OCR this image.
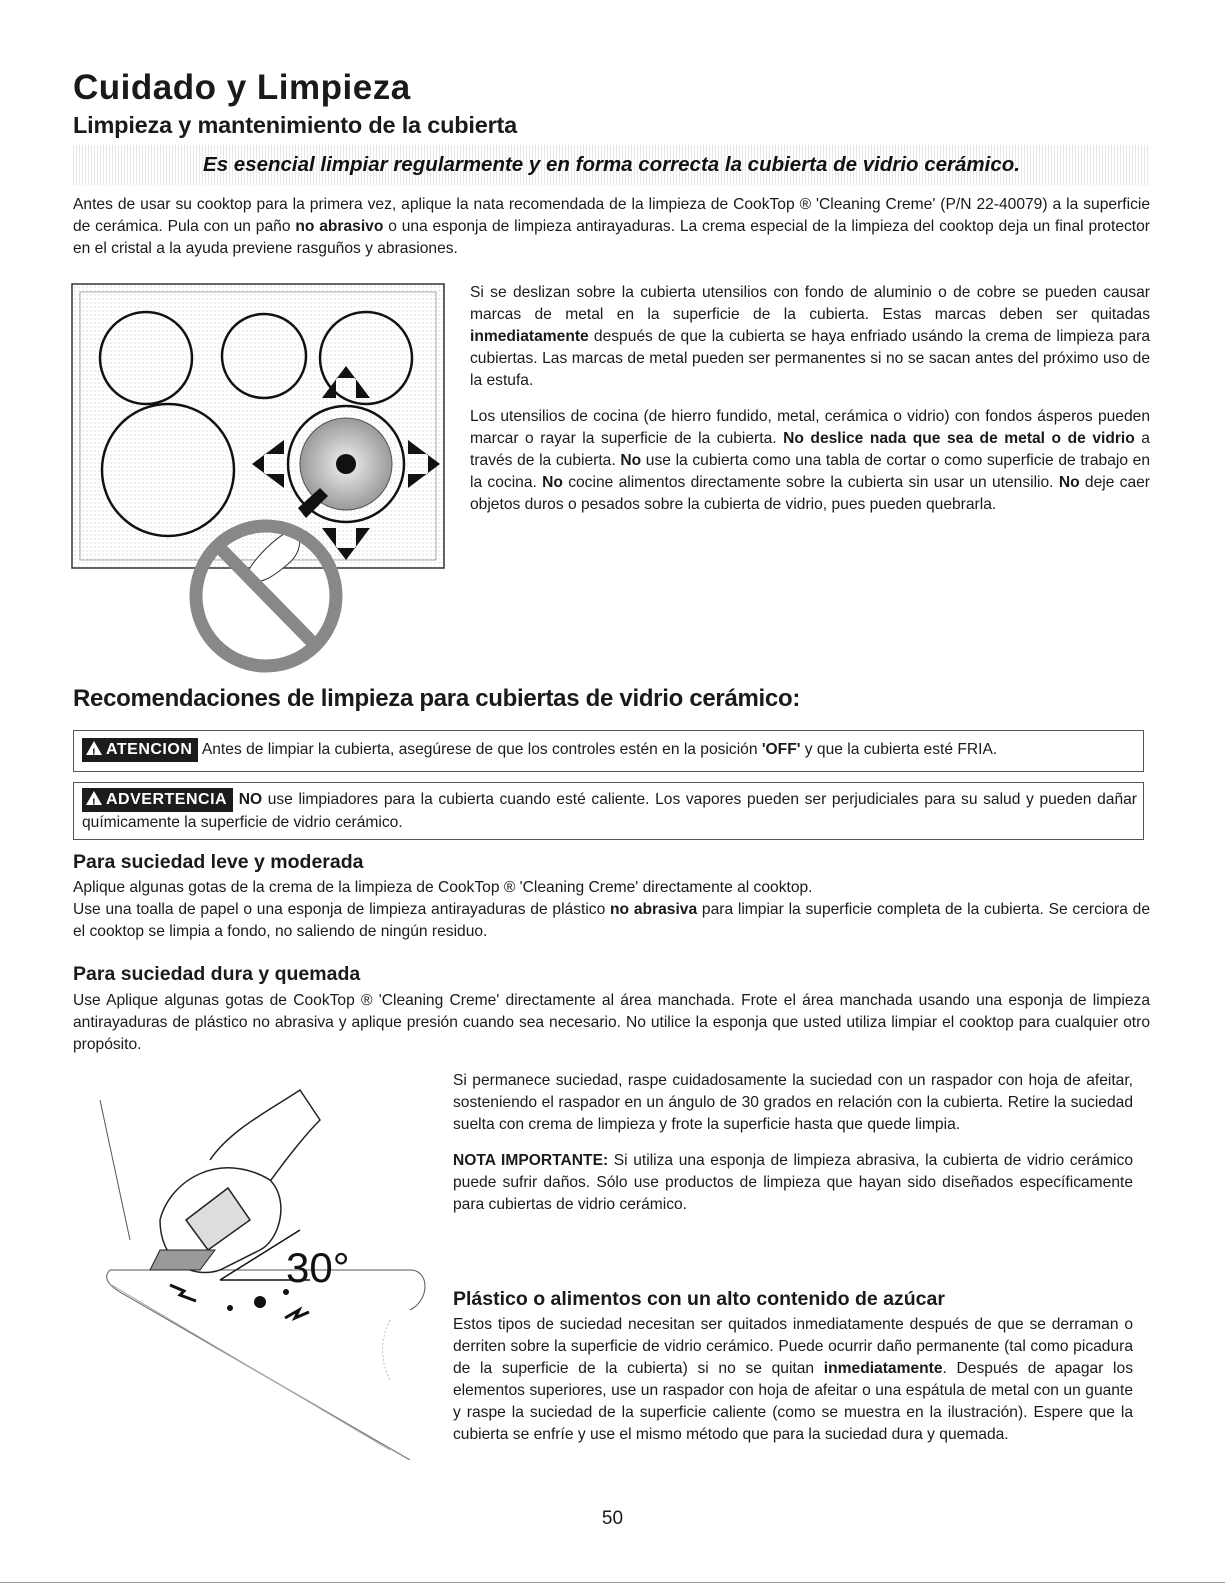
Cuidado y Limpieza
Limpieza y mantenimiento de la cubierta
Es esencial limpiar regularmente y en forma correcta la cubierta de vidrio cerámico.

Antes de usar su cooktop para la primera vez, aplique la nata recomendada de la limpieza de CookTop ® 'Cleaning Creme' (P/N 22-40079) a la superficie de cerámica. Pula con un paño no abrasivo o una esponja de limpieza antirayaduras. La crema especial de la limpieza del cooktop deja un final protector en el cristal a la ayuda previene rasguños y abrasiones.

Si se deslizan sobre la cubierta utensilios con fondo de aluminio o de cobre se pueden causar marcas de metal en la superficie de la cubierta. Estas marcas deben ser quitadas inmediatamente después de que la cubierta se haya enfriado usándo la crema de limpieza para cubiertas. Las marcas de metal pueden ser permanentes si no se sacan antes del próximo uso de la estufa.

Los utensilios de cocina (de hierro fundido, metal, cerámica o vidrio) con fondos ásperos pueden marcar o rayar la superficie de la cubierta. No deslice nada que sea de metal o de vidrio a través de la cubierta. No use la cubierta como una tabla de cortar o como superficie de trabajo en la cocina. No cocine alimentos directamente sobre la cubierta sin usar un utensilio. No deje caer objetos duros o pesados sobre la cubierta de vidrio, pues pueden quebrarla.

Recomendaciones de limpieza para cubiertas de vidrio cerámico:
!ATENCION Antes de limpiar la cubierta, asegúrese de que los controles estén en la posición 'OFF' y que la cubierta esté FRIA.
!ADVERTENCIA NO use limpiadores para la cubierta cuando esté caliente. Los vapores pueden ser perjudiciales para su salud y pueden dañar químicamente la superficie de vidrio cerámico.
Para suciedad leve y moderada
Aplique algunas gotas de la crema de la limpieza de CookTop ® 'Cleaning Creme' directamente al cooktop.
Use una toalla de papel o una esponja de limpieza antirayaduras de plástico no abrasiva para limpiar la superficie completa de la cubierta. Se cerciora de el cooktop se limpia a fondo, no saliendo de ningún residuo.
Para suciedad dura y quemada

Use Aplique algunas gotas de CookTop ® 'Cleaning Creme' directamente al área manchada. Frote el área manchada usando una esponja de limpieza antirayaduras de plástico no abrasiva y aplique presión cuando sea necesario. No utilice la esponja que usted utiliza limpiar el cooktop para cualquier otro propósito.

30°

Si permanece suciedad, raspe cuidadosamente la suciedad con un raspador con hoja de afeitar, sosteniendo el raspador en un ángulo de 30 grados en relación con la cubierta. Retire la suciedad suelta con crema de limpieza y frote la superficie hasta que quede limpia.

NOTA IMPORTANTE: Si utiliza una esponja de limpieza abrasiva, la cubierta de vidrio cerámico puede sufrir daños. Sólo use productos de limpieza que hayan sido diseñados específicamente para cubiertas de vidrio cerámico.

Plástico o alimentos con un alto contenido de azúcar

Estos tipos de suciedad necesitan ser quitados inmediatamente después de que se derraman o derriten sobre la superficie de vidrio cerámico. Puede ocurrir daño permanente (tal como picadura de la superficie de la cubierta) si no se quitan inmediatamente. Después de apagar los elementos superiores, use un raspador con hoja de afeitar o una espátula de metal con un guante y raspe la suciedad de la superficie caliente (como se muestra en la ilustración). Espere que la cubierta se enfríe y use el mismo método que para la suciedad dura y quemada.

50
